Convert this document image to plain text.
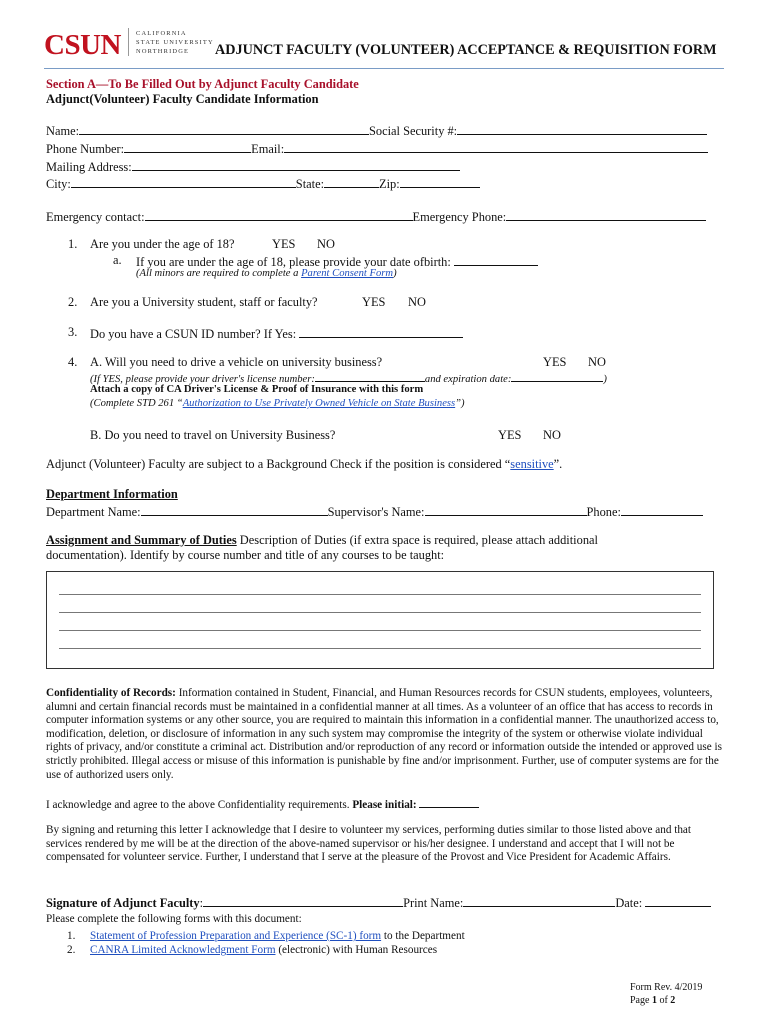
CSUN CALIFORNIA
STATE UNIVERSITY
NORTHRIDGE ADJUNCT FACULTY (VOLUNTEER) ACCEPTANCE & REQUISITION FORM
Section A—To Be Filled Out by Adjunct Faculty Candidate
Adjunct(Volunteer) Faculty Candidate Information
Name:	Social Security #:
Phone Number:	Email:
Mailing Address:
City:	State:	Zip:
Emergency contact:	Emergency Phone:
1. Are you under the age of 18?	YES NO
a. If you are under the age of 18, please provide your date ofbirth:
(All minors are required to complete a Parent Consent Form)
2. Are you a University student, staff or faculty?	YES NO
3. Do you have a CSUN ID number? If Yes:
4. A. Will you need to drive a vehicle on university business?	YES NO
(If YES, please provide your driver's license number:	and expiration date:	)
Attach a copy of CA Driver's License & Proof of Insurance with this form
(Complete STD 261 “Authorization to Use Privately Owned Vehicle on State Business”)
B. Do you need to travel on University Business?	YES NO
Adjunct (Volunteer) Faculty are subject to a Background Check if the position is considered “sensitive”.
Department Information
Department Name:	Supervisor's Name:	Phone:
Assignment and Summary of Duties Description of Duties (if extra space is required, please attach additional
documentation). Identify by course number and title of any courses to be taught:
Confidentiality of Records: Information contained in Student, Financial, and Human Resources records for CSUN students, employees, volunteers, alumni and certain financial records must be maintained in a confidential manner at all times. As a volunteer of an office that has access to records in computer information systems or any other source, you are required to maintain this information in a confidential manner. The unauthorized access to, modification, deletion, or disclosure of information in any such system may compromise the integrity of the system or otherwise violate individual rights of privacy, and/or constitute a criminal act. Distribution and/or reproduction of any record or information outside the intended or approved use is strictly prohibited. Illegal access or misuse of this information is punishable by fine and/or imprisonment. Further, use of computer systems are for the use of authorized users only.
I acknowledge and agree to the above Confidentiality requirements. Please initial:
By signing and returning this letter I acknowledge that I desire to volunteer my services, performing duties similar to those listed above and that services rendered by me will be at the direction of the above-named supervisor or his/her designee. I understand and accept that I will not be compensated for volunteer service. Further, I understand that I serve at the pleasure of the Provost and Vice President for Academic Affairs.
Signature of Adjunct Faculty:	Print Name:	Date:
Please complete the following forms with this document:
1. Statement of Profession Preparation and Experience (SC-1) form to the Department
2. CANRA Limited Acknowledgment Form (electronic) with Human Resources
Form Rev. 4/2019
Page 1 of 2
